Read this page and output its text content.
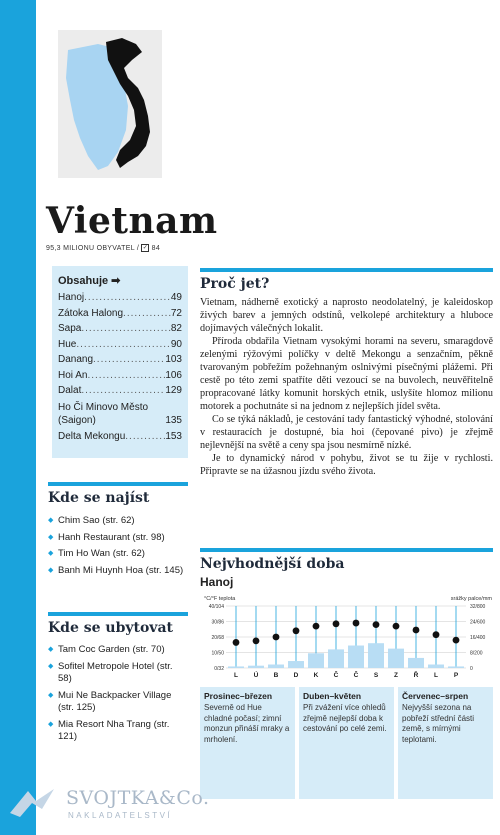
Vietnam
95,3 MILIONU OBYVATEL / ✓ 84
Obsahuje ➡
Hanoj .....	49
Zátoka Halong .....	72
Sapa .....	82
Hue .....	90
Danang .....	103
Hoi An .....	106
Dalat .....	129
Ho Či Minovo Město (Saigon)	135
Delta Mekongu .....	153
Kde se najíst
◆ Chim Sao (str. 62)
◆ Hanh Restaurant (str. 98)
◆ Tim Ho Wan (str. 62)
◆ Banh Mi Huynh Hoa (str. 145)
Kde se ubytovat
◆ Tam Coc Garden (str. 70)
◆ Sofitel Metropole Hotel (str. 58)
◆ Mui Ne Backpacker Village (str. 125)
◆ Mia Resort Nha Trang (str. 121)
Proč jet?

Vietnam, nádherně exotický a naprosto neodolatelný, je kaleidoskop živých barev a jemných odstínů, velkolepé architektury a hluboce dojímavých válečných lokalit.

Příroda obdařila Vietnam vysokými horami na severu, smaragdově zelenými rýžovými políčky v deltě Mekongu a senzačním, pěkně tvarovaným pobřežím požehnaným oslnivými písečnými plážemi. Při cestě po této zemi spatříte děti vezoucí se na buvolech, neuvěřitelně propracované látky komunit horských etnik, uslyšíte hlomoz milionu motorek a pochutnáte si na jednom z nejlepších jídel světa.

Co se týká nákladů, je cestování tady fantastický výhodné, stolování v restauracích je dostupné, bia hoi (čepované pivo) je zřejmě nejlevnější na světě a ceny spa jsou nesmírně nízké.

Je to dynamický národ v pohybu, život se tu žije v rychlosti. Připravte se na úžasnou jízdu svého života.

Nejvhodnější doba
Hanoj
°C/°F teplota	srážky palce/mm
40/104
30/86
20/68
10/50
0/32
32/800
24/600
16/400
8/200
0
L Ú B D K Č Č S Z Ř L P
Prosinec–březen

Severně od Hue chladné počasí; zimní monzun přináší mraky a mrholení.

Duben–květen

Při zvážení více ohledů zřejmě nejlepší doba k cestování po celé zemi.

Červenec–srpen

Nejvyšší sezona na pobřeží střední části země, s mírnými teplotami.

SVOJTKA&Co.
NAKLADATELSTVÍ
